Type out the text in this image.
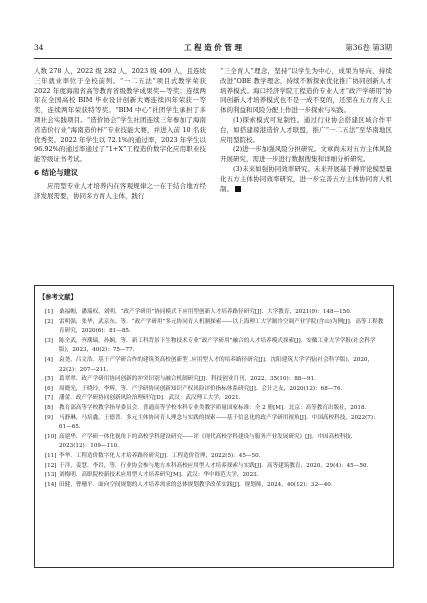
34	工 程 造 价 管 理	第36卷 第3期

人数 278 人，2022 级 282 人，2023 级 409 人，且连续三年就业率位于全校前列。“一二五法”项目式教学荣获 2022 年度海南省高等教育省级教学成果奖—等奖；连续两年在全国高校 BIM 毕业设计创新大赛连续四年荣获一等奖，连续两年荣获特等奖。“BIM 中心”社团学生承担了多项社会实践项目。“造价协会”学生社团连续三年参加了海南省造价行业“海南造价杯”专业技能大赛，并进入前 10 名获优秀奖。2022 年学生以 72.1%的通过率，2023 年学生以 96.92%的通过率通过了“1+X”工程造价数字化应用职业技能等级证书考试。

6 结论与建议

应用型专业人才培养内在客观规律之一在于结合地方经济发展需要，协同多方育人主体，践行

“三全育人”理念，坚持“以学生为中心，成果为导向，持续改进”OBE 教学理念，持续不断探索优化推广协同创新人才培养模式。海口经济学院工程造价专业人才“政产学研用”协同创新人才培养模式也不是一成不变的，还需在五方育人主体的利益和风险分配上作进一步探索与实践。

(1)探索模式可复制性。通过行业协会搭建区域合作平台，如搭建琼港造价人才联盟，推广“一二五法”至华南地区应用型院校。

(2)进一步加强风险分担研究。文章尚未对五方主体风险开展研究，需进一步进行数据搜集和详细分析研究。

(3)未来如强协同效率研究。未来开展基于搏弈论模型量化五方主体协同效率研究，进一步完善五方主体协同育人机制。

【参考文献】

[1] 桑福帽，潘瑞权，刘明．“政产学研用”协同模式下应用型创新人才培养路径研究[J]．大学教育，2021(9)：148—150.

[2] 雷明强，张华，武京东，等．“政产学研用”多元协同育人机制探索——以上海理工大学制冷空调产业学院(含山)为例[J]．高等工程教育研究，2020(6)：81—85.

[3] 陈全武，齐潮瑞，孙娴，等．新工科背景下生物技术专业“政产学研用”融合的人才培养模式探索[J]．安徽工业大学学报(社会科学版)，2023，40(2)：75—77.

[4] 袁尧，吕文浩．基于产学研合作的建筑类高校创新型 .应用型人才的培养路径研究[J]．沈阳建筑大学学报(社会科学版)，2020，22(2)：207—211.

[5] 葛翠翠．政产学研用协同创新的冲突识别与融合机制研究[J]．科技创业月刊，2022，35(10)：88—91.

[6] 周晓光，于晓玲，李辉，等．产学研协同创新知识产权风险评价指标体系研究[J]．会计之友，2020(12)：68—76.

[7] 潘蕾．政产学研协同创新风险治理研究[D]．武汉：武汉理工大学，2021.

[8] 教育部高等学校教学指导委员会．普通高等学校本科专业类教学质量国家标准：全 2 册[M]．北京：高等教育出版社，2018.

[9] 马静琳，马培鑫，王德普．多元主体协同育人理念与实践的探索——基于信息化的政产学研用视角[J]．中国高校科技，2022(7)：61—65.

[10] 高建华．产学研一体化视角下的高校学科建设研究——评《现代高校学科建设与服务产业发展研究》[J]．中国高校科技，2023(12)：109—110.

[11] 李华．工程造价数字化人才培养路径研究[J]．工程造价管理，2022(5)：45—50.

[12] 于洋，姜慧，李岩，等．行业协会参与地方本科高校应用型人才培养探索与实践[J]．高等建筑教育，2020，29(4)：45—50.

[13] 刘梅明．高职院校新技术应用型人才培养研究[M]．武汉：华中师范大学，2023.

[14] 田健，曹珊平．面向空间规划的人才培养需求的总体规划教学改革实践[J]．规划师，2024，40(12)：32—40.
